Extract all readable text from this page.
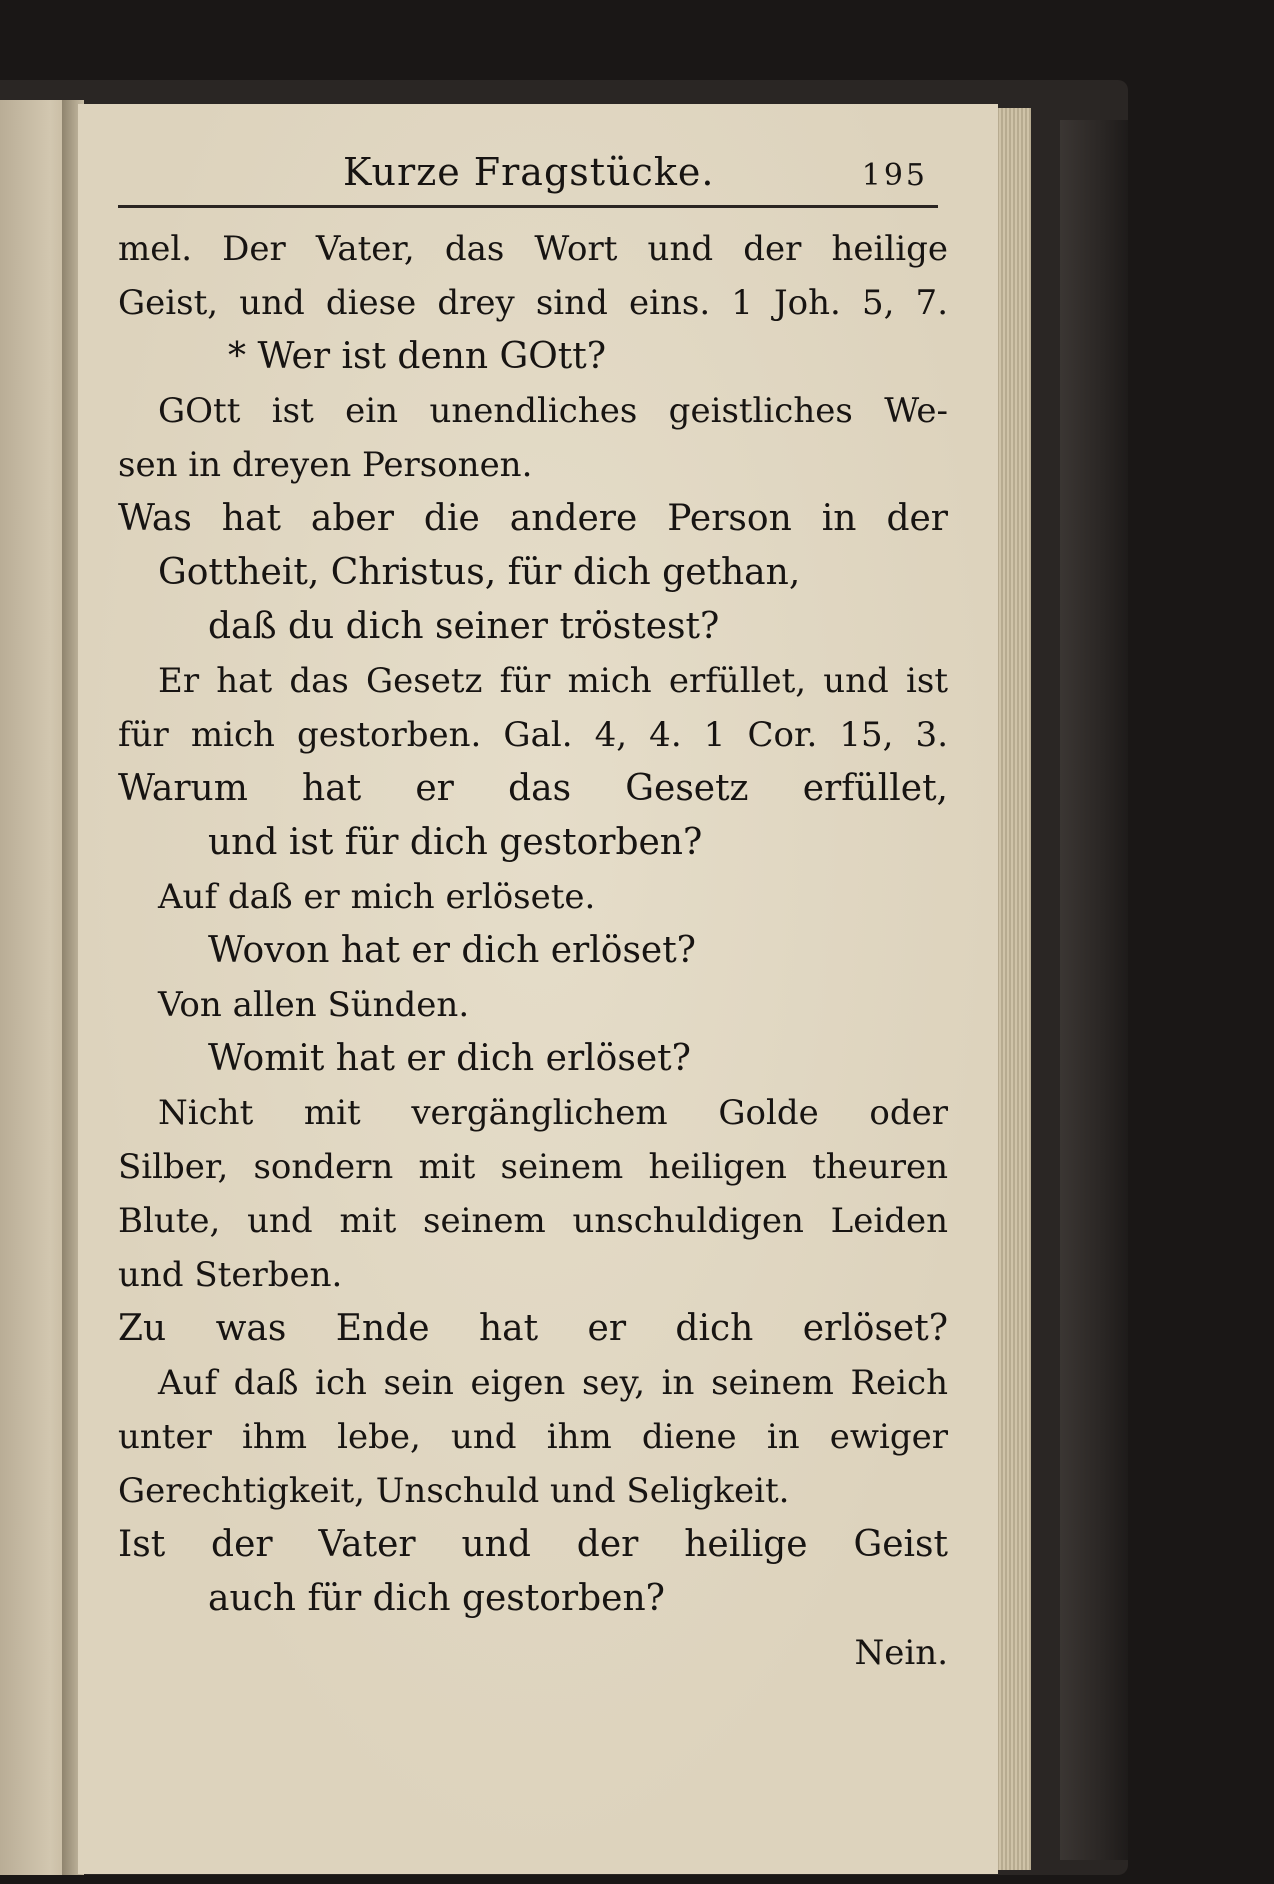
Kurze Fragstücke.	195
mel. Der Vater, das Wort und der heilige
Geist, und diese drey sind eins. 1 Joh. 5, 7.
* Wer ist denn GOtt?
GOtt ist ein unendliches geistliches We-
sen in dreyen Personen.
Was hat aber die andere Person in der
Gottheit, Christus, für dich gethan,
daß du dich seiner tröstest?
Er hat das Gesetz für mich erfüllet, und ist
für mich gestorben. Gal. 4, 4. 1 Cor. 15, 3.
Warum hat er das Gesetz erfüllet,
und ist für dich gestorben?
Auf daß er mich erlösete.
Wovon hat er dich erlöset?
Von allen Sünden.
Womit hat er dich erlöset?
Nicht mit vergänglichem Golde oder
Silber, sondern mit seinem heiligen theuren
Blute, und mit seinem unschuldigen Leiden
und Sterben.
Zu was Ende hat er dich erlöset?
Auf daß ich sein eigen sey, in seinem Reich
unter ihm lebe, und ihm diene in ewiger
Gerechtigkeit, Unschuld und Seligkeit.
Ist der Vater und der heilige Geist
auch für dich gestorben?
Nein.
